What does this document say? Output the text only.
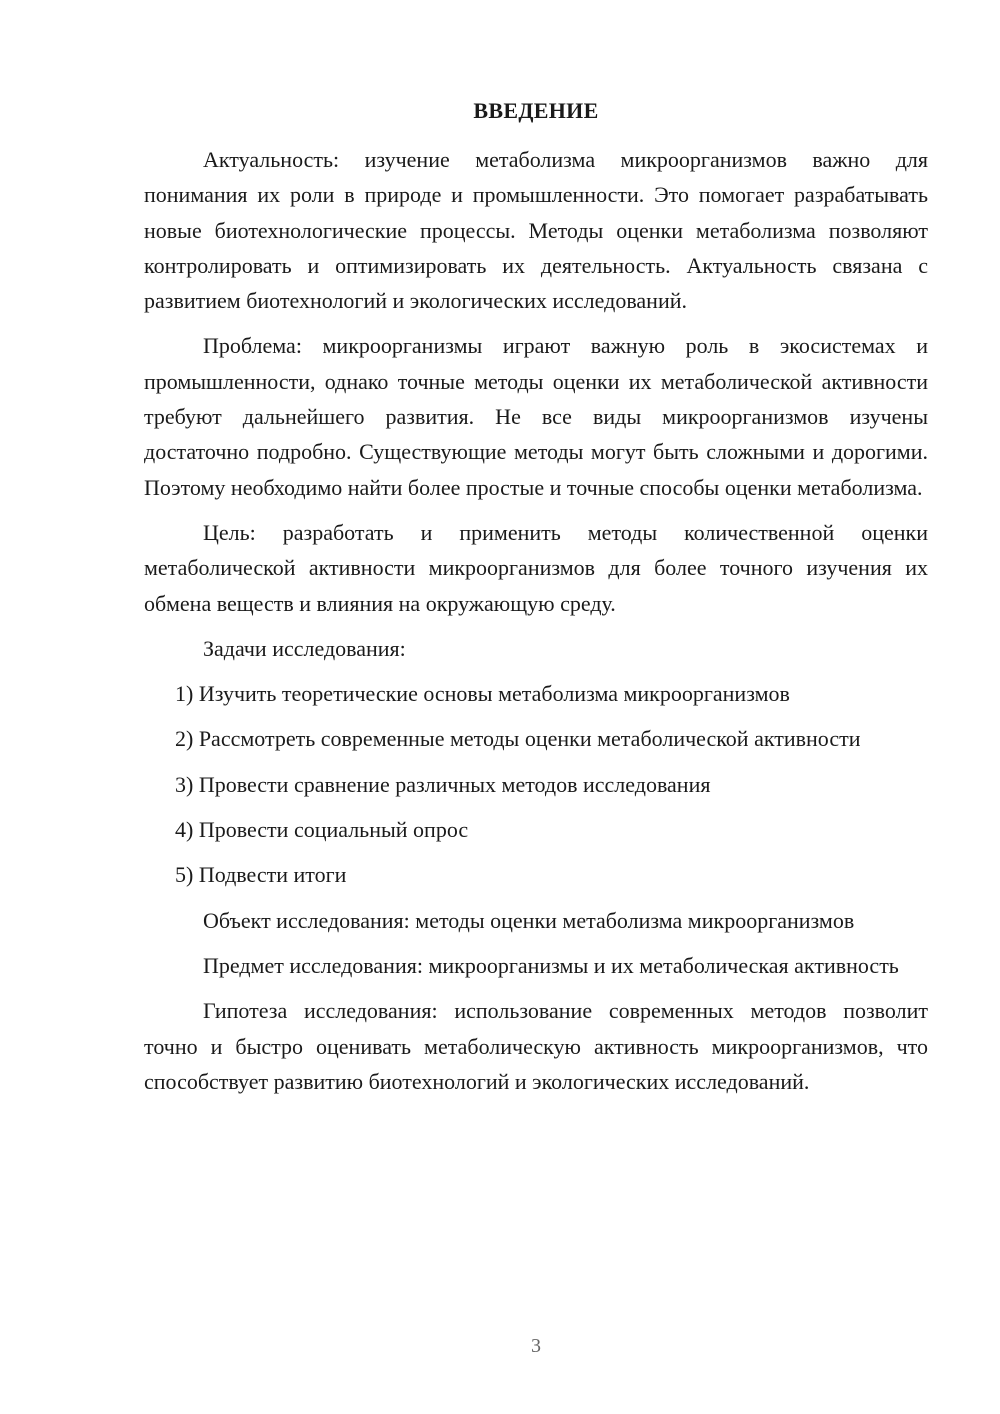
ВВЕДЕНИЕ

Актуальность: изучение метаболизма микроорганизмов важно для понимания их роли в природе и промышленности. Это помогает разрабатывать новые биотехнологические процессы. Методы оценки метаболизма позволяют контролировать и оптимизировать их деятельность. Актуальность связана с развитием биотехнологий и экологических исследований.

Проблема: микроорганизмы играют важную роль в экосистемах и промышленности, однако точные методы оценки их метаболической активности требуют дальнейшего развития. Не все виды микроорганизмов изучены достаточно подробно. Существующие методы могут быть сложными и дорогими. Поэтому необходимо найти более простые и точные способы оценки метаболизма.

Цель: разработать и применить методы количественной оценки метаболической активности микроорганизмов для более точного изучения их обмена веществ и влияния на окружающую среду.

Задачи исследования:

1) Изучить теоретические основы метаболизма микроорганизмов

2) Рассмотреть современные методы оценки метаболической активности

3) Провести сравнение различных методов исследования

4) Провести социальный опрос

5) Подвести итоги

Объект исследования: методы оценки метаболизма микроорганизмов

Предмет исследования: микроорганизмы и их метаболическая активность

Гипотеза исследования: использование современных методов позволит точно и быстро оценивать метаболическую активность микроорганизмов, что способствует развитию биотехнологий и экологических исследований.

3
